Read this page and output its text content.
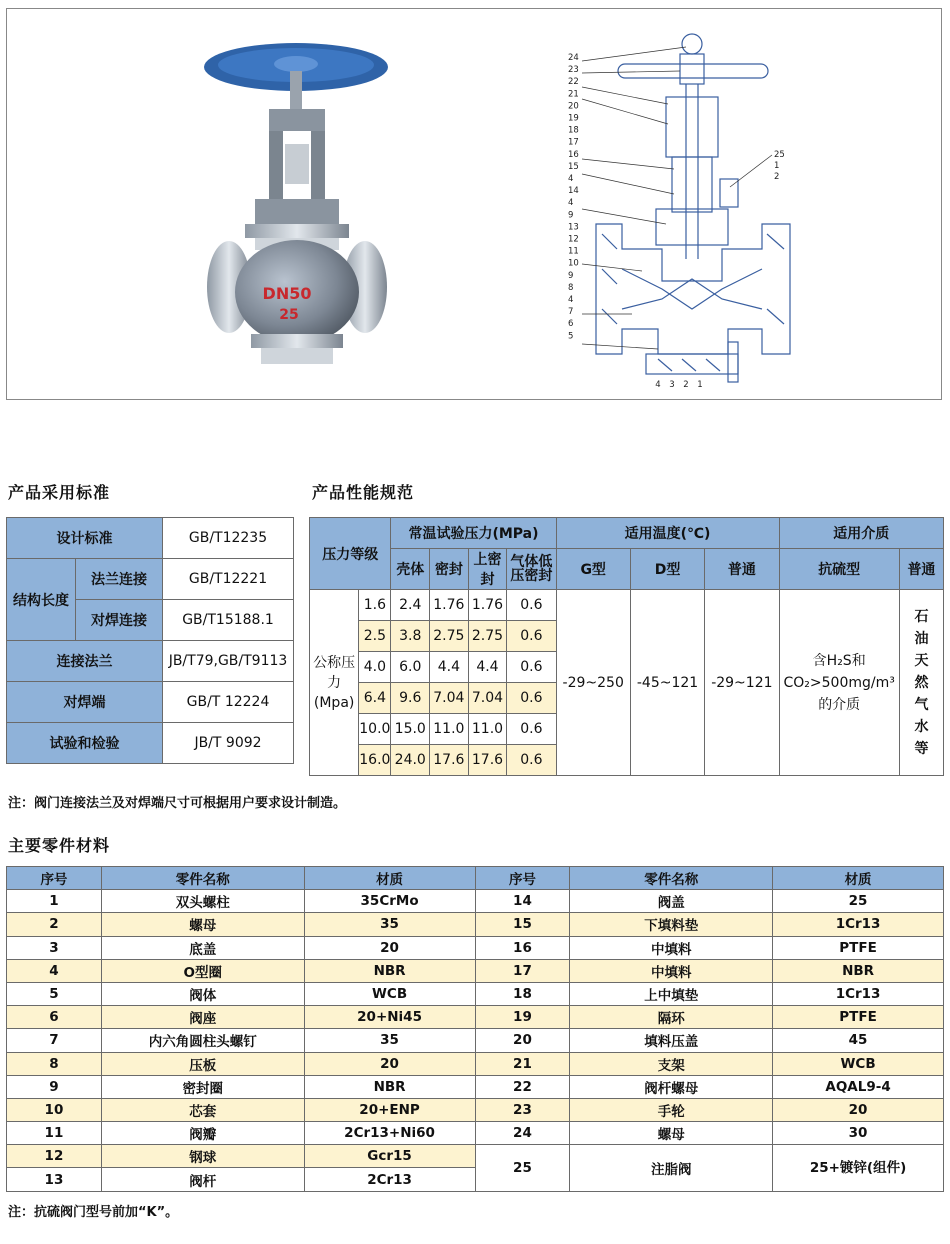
DN50
25
24
23
22
21
20
19
18
17
16
15
4
14
4
9
13
12
11
10
9
8
4
7
6
5
25
1
2
4 3 2 1
产品采用标准
设计标准		GB/T12235
结构长度	法兰连接	GB/T12221
	对焊连接	GB/T15188.1
连接法兰		JB/T79,GB/T9113
对焊端		GB/T 12224
试验和检验		JB/T 9092
产品性能规范
压力等级		常温试验压力(MPa)				适用温度(℃)			适用介质	
		壳体	密封	上密封	气体低压密封	G型	D型	普通	抗硫型	普通
公称压力(Mpa)	1.6	2.4	1.76	1.76	0.6	-29~250	-45~121	-29~121	含H₂S和CO₂>500mg/m³的介质	石油天然气水等
	2.5	3.8	2.75	2.75	0.6					
	4.0	6.0	4.4	4.4	0.6					
	6.4	9.6	7.04	7.04	0.6					
	10.0	15.0	11.0	11.0	0.6					
	16.0	24.0	17.6	17.6	0.6					
注：阀门连接法兰及对焊端尺寸可根据用户要求设计制造。
主要零件材料
序号	零件名称	材质	序号	零件名称	材质
1	双头螺柱	35CrMo	14	阀盖	25
2	螺母	35	15	下填料垫	1Cr13
3	底盖	20	16	中填料	PTFE
4	O型圈	NBR	17	中填料	NBR
5	阀体	WCB	18	上中填垫	1Cr13
6	阀座	20+Ni45	19	隔环	PTFE
7	内六角圆柱头螺钉	35	20	填料压盖	45
8	压板	20	21	支架	WCB
9	密封圈	NBR	22	阀杆螺母	AQAL9-4
10	芯套	20+ENP	23	手轮	20
11	阀瓣	2Cr13+Ni60	24	螺母	30
12	钢球	Gcr15	25	注脂阀	25+镀锌(组件)
13	阀杆	2Cr13			
注：抗硫阀门型号前加“K”。
